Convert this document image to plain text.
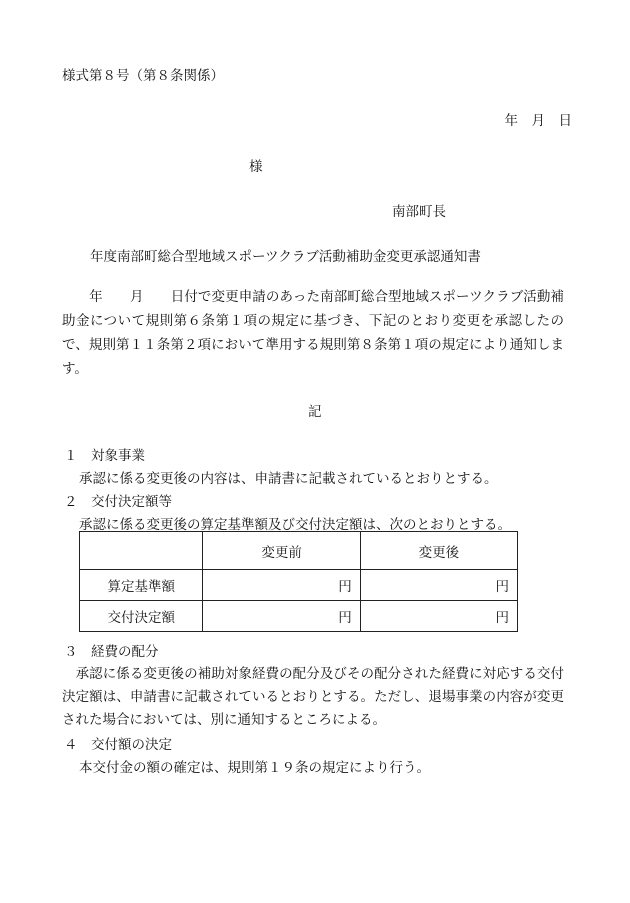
様式第８号（第８条関係）
年　月　日
様
南部町長
年度南部町総合型地域スポーツクラブ活動補助金変更承認通知書
　　年　　月　　日付で変更申請のあった南部町総合型地域スポーツクラブ活動補助金について規則第６条第１項の規定に基づき、下記のとおり変更を承認したので、規則第１１条第２項において準用する規則第８条第１項の規定により通知します。
記
１　対象事業
承認に係る変更後の内容は、申請書に記載されているとおりとする。
２　交付決定額等
承認に係る変更後の算定基準額及び交付決定額は、次のとおりとする。
	変更前	変更後
算定基準額	円	円
交付決定額	円	円
３　経費の配分
　承認に係る変更後の補助対象経費の配分及びその配分された経費に対応する交付決定額は、申請書に記載されているとおりとする。ただし、退場事業の内容が変更された場合においては、別に通知するところによる。
４　交付額の決定
本交付金の額の確定は、規則第１９条の規定により行う。
